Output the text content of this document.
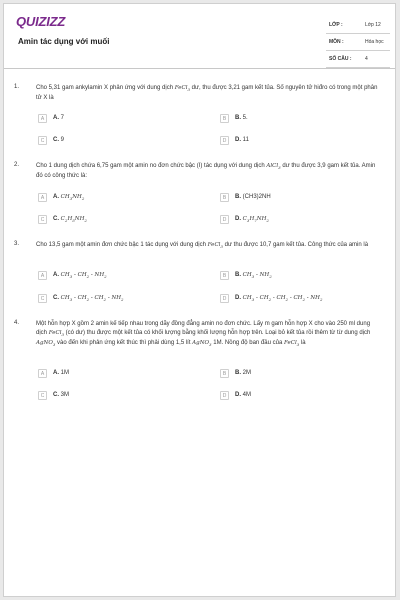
QUIZIZZ
Amin tác dụng với muối
LỚP :	Lớp 12
MÔN :	Hóa học
SỐ CÂU :	4
1.	Cho 5,31 gam ankylamin X phản ứng với dung dịch FeCl$_3$ dư, thu được 3,21 gam kết tủa. Số nguyên tử hiđro có trong một phân tử X là
A	A. 7	B	B. 5.
C	C. 9	D	D. 11
2.	Cho 1 dung dịch chứa 6,75 gam một amin no đơn chức bậc (I) tác dụng với dung dịch AlCl$_3$ dư thu được 3,9 gam kết tủa. Amin đó có công thức là:
A	A. $CH_3NH_2$	B	B. (CH3)2NH
C	C. $C_2H_5NH_2$	D	D. $C_3H_7NH_2$
3.	Cho 13,5 gam một amin đơn chức bậc 1 tác dụng với dung dịch FeCl$_3$ dư thu được 10,7 gam kết tủa. Công thức của amin là
A	A. $CH_3 - CH_2 - NH_2$	B	B. $CH_3 - NH_2$
C	C. $CH_3 - CH_2 - CH_2 - NH_2$	D	D. $CH_3 - CH_2 - CH_2 - CH_2 - NH_2$
4.	Một hỗn hợp X gồm 2 amin kế tiếp nhau trong dãy đồng đẳng amin no đơn chức. Lấy m gam hỗn hợp X cho vào 250 ml dung dịch FeCl$_3$ (có dư) thu được một kết tủa có khối lượng bằng khối lượng hỗn hợp trên. Loại bỏ kết tủa rồi thêm từ từ dung dịch AgNO$_3$ vào đến khi phản ứng kết thúc thì phải dùng 1,5 lít AgNO$_3$ 1M. Nồng độ ban đầu của FeCl$_3$ là
A	A. 1M	B	B. 2M
C	C. 3M	D	D. 4M
